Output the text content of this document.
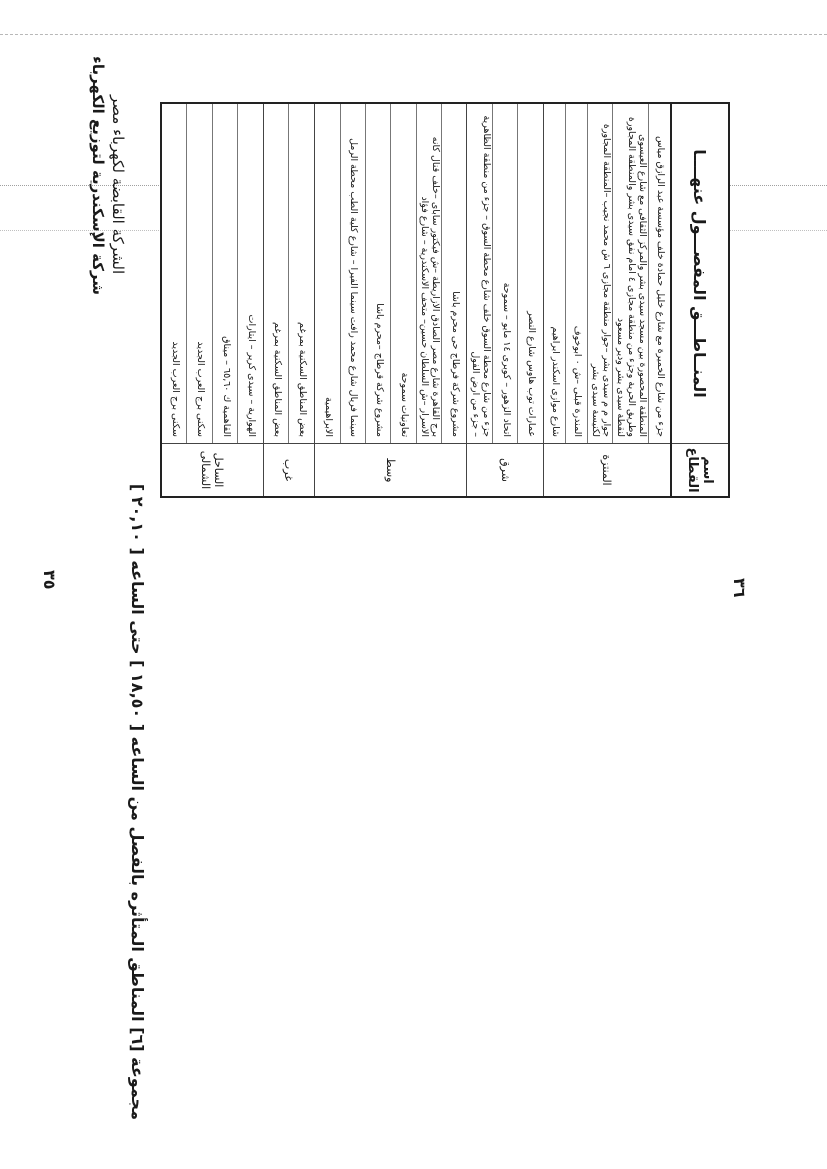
الشركة القابضة لكهرباء مصر
شركة الإسكندرية لتوزيع الكهرباء
اسم القطاع
المنــاطـــق المفصـــول عنهــــا
المنتزة
جزء من شارع الخميرة مع شارع خليل حمادة خلف مؤسسة عبد الرازق مياس
المنطقة المحصورة بين مسجد سيدى بشر والمركز الثقافى مع شارع العيسوى وطريق الحرية وجزء من منطقة مجازى ٤ امام نفق سيدى بشر والمنطقة المجاورة لنقطة سيدى بشر ودير مسعود
جوار م م سيدى بشر –جوار منطقة مجازى ٦ ش محمد نجيب –المنطقة المجاورة لكنيسة سيدى بشر
المندرة قبلى –ش ٠ ابوخوف
شارع موازى اسكندر ابراهيم
شرق
عمارات توب هاوس شارع النصر
اتحاد الزهور – كوبرى ١٤ مايو – سموحة
جزء من شارع محطة السوق خلف شارع محطة السوق – جزء من منطقة الظاهرية – جزء من ارض الفول
وسط
مشروع شركة فرطاج حى محرم باشا
برج القاهرة شارع مصر الصادق الازاريطة –ش فيكتور ساباى –خلف قنال كانه الاسرار –ش السلطان حسين– متحف الاسكندرية – شارع فؤاد
تعاونيات سموحة
مشروع شركة قرطاج –محرم باشا
سينما فريال شارع محمد رافت سينما الفيرا – شارع كلية الطب محطة الرمل
الابراهيمية
غرب
بعض المناطق السكنية بمرغم
بعض المناطق السكنية بمرغم
الساحل الشمالى
الهوارية – سيدى كرير – ايتارات
القاهمية ك ٦٥,٦٠ – ميناق
سكنى برج العرب الجديد
سكنى برج العرب الجديد
٣٥	٣٦
مجموعة [٦] المناطق المتأثره بالفصل من الساعه [ ١٨,٥٠ ] حتى الساعه [ ٢٠,١٠ ]
